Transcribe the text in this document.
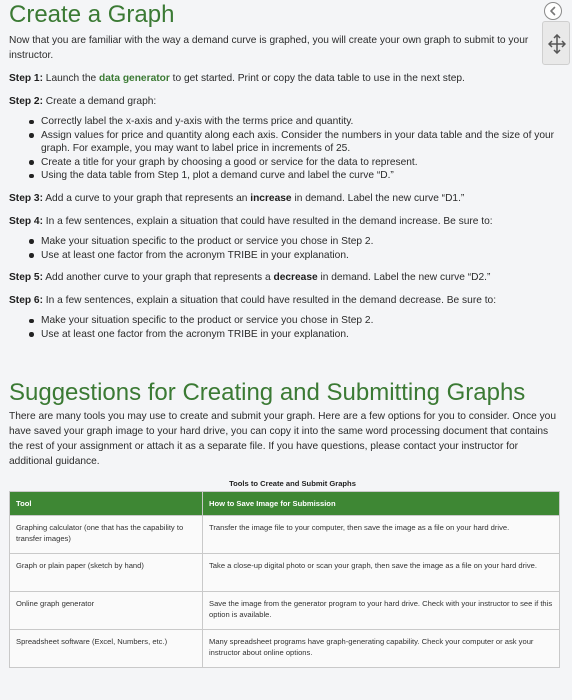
Create a Graph

Now that you are familiar with the way a demand curve is graphed, you will create your own graph to submit to your instructor.

Step 1: Launch the data generator to get started. Print or copy the data table to use in the next step.

Step 2: Create a demand graph:

Correctly label the x-axis and y-axis with the terms price and quantity.
Assign values for price and quantity along each axis. Consider the numbers in your data table and the size of your graph. For example, you may want to label price in increments of 25.
Create a title for your graph by choosing a good or service for the data to represent.
Using the data table from Step 1, plot a demand curve and label the curve “D.”

Step 3: Add a curve to your graph that represents an increase in demand. Label the new curve “D1.”

Step 4: In a few sentences, explain a situation that could have resulted in the demand increase. Be sure to:

Make your situation specific to the product or service you chose in Step 2.
Use at least one factor from the acronym TRIBE in your explanation.

Step 5: Add another curve to your graph that represents a decrease in demand. Label the new curve “D2.”

Step 6: In a few sentences, explain a situation that could have resulted in the demand decrease. Be sure to:

Make your situation specific to the product or service you chose in Step 2.
Use at least one factor from the acronym TRIBE in your explanation.
Suggestions for Creating and Submitting Graphs

There are many tools you may use to create and submit your graph. Here are a few options for you to consider. Once you have saved your graph image to your hard drive, you can copy it into the same word processing document that contains the rest of your assignment or attach it as a separate file. If you have questions, please contact your instructor for additional guidance.

Tools to Create and Submit Graphs
Tool	How to Save Image for Submission
Graphing calculator (one that has the capability to transfer images)	Transfer the image file to your computer, then save the image as a file on your hard drive.
Graph or plain paper (sketch by hand)	Take a close-up digital photo or scan your graph, then save the image as a file on your hard drive.
Online graph generator	Save the image from the generator program to your hard drive. Check with your instructor to see if this option is available.
Spreadsheet software (Excel, Numbers, etc.)	Many spreadsheet programs have graph-generating capability. Check your computer or ask your instructor about online options.
